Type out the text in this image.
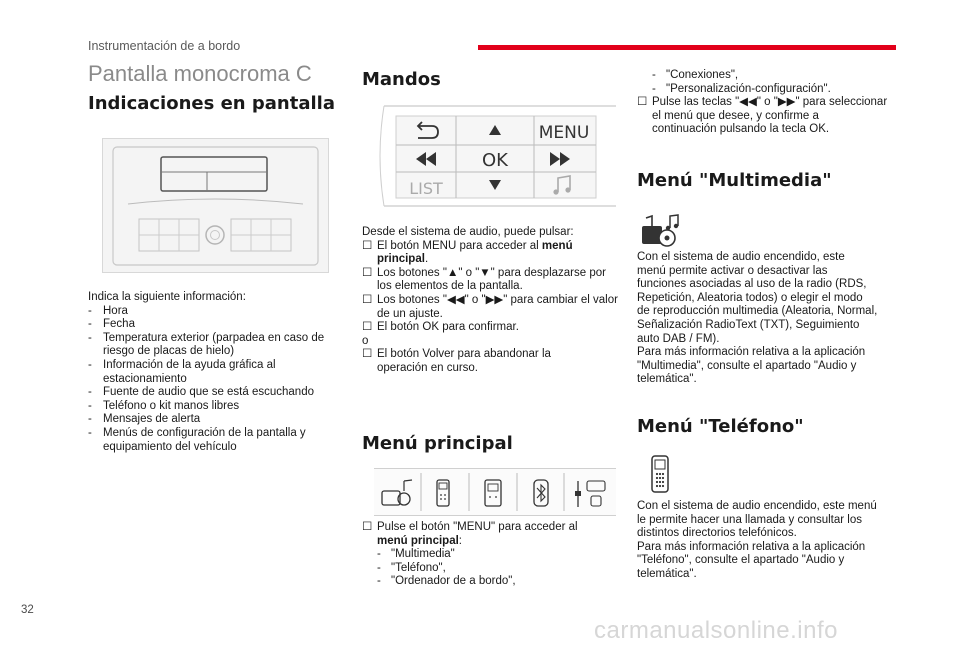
Instrumentación de a bordo
Pantalla monocroma C
Indicaciones en pantalla

Indica la siguiente información:

- Hora

- Fecha

- Temperatura exterior (parpadea en caso de

riesgo de placas de hielo)

- Información de la ayuda gráfica al

estacionamiento

- Fuente de audio que se está escuchando

- Teléfono o kit manos libres

- Mensajes de alerta

- Menús de configuración de la pantalla y

equipamiento del vehículo

Mandos
MENU
OK
LIST

Desde el sistema de audio, puede pulsar:

☐ El botón MENU para acceder al menú

principal.

☐ Los botones "▲" o "▼" para desplazarse por

los elementos de la pantalla.

☐ Los botones "◀◀" o "▶▶" para cambiar el valor

de un ajuste.

☐ El botón OK para confirmar.

o

☐ El botón Volver para abandonar la

operación en curso.

Menú principal

☐ Pulse el botón "MENU" para acceder al

menú principal:

- "Multimedia"

- "Teléfono",

- "Ordenador de a bordo",

- "Conexiones",

- "Personalización-configuración".

☐ Pulse las teclas "◀◀" o "▶▶" para seleccionar

el menú que desee, y confirme a

continuación pulsando la tecla OK.

Menú "Multimedia"

Con el sistema de audio encendido, este

menú permite activar o desactivar las

funciones asociadas al uso de la radio (RDS,

Repetición, Aleatoria todos) o elegir el modo

de reproducción multimedia (Aleatoria, Normal,

Señalización RadioText (TXT), Seguimiento

auto DAB / FM).

Para más información relativa a la aplicación

"Multimedia", consulte el apartado "Audio y

telemática".

Menú "Teléfono"

Con el sistema de audio encendido, este menú

le permite hacer una llamada y consultar los

distintos directorios telefónicos.

Para más información relativa a la aplicación

"Teléfono", consulte el apartado "Audio y

telemática".

32
carmanualsonline.info
